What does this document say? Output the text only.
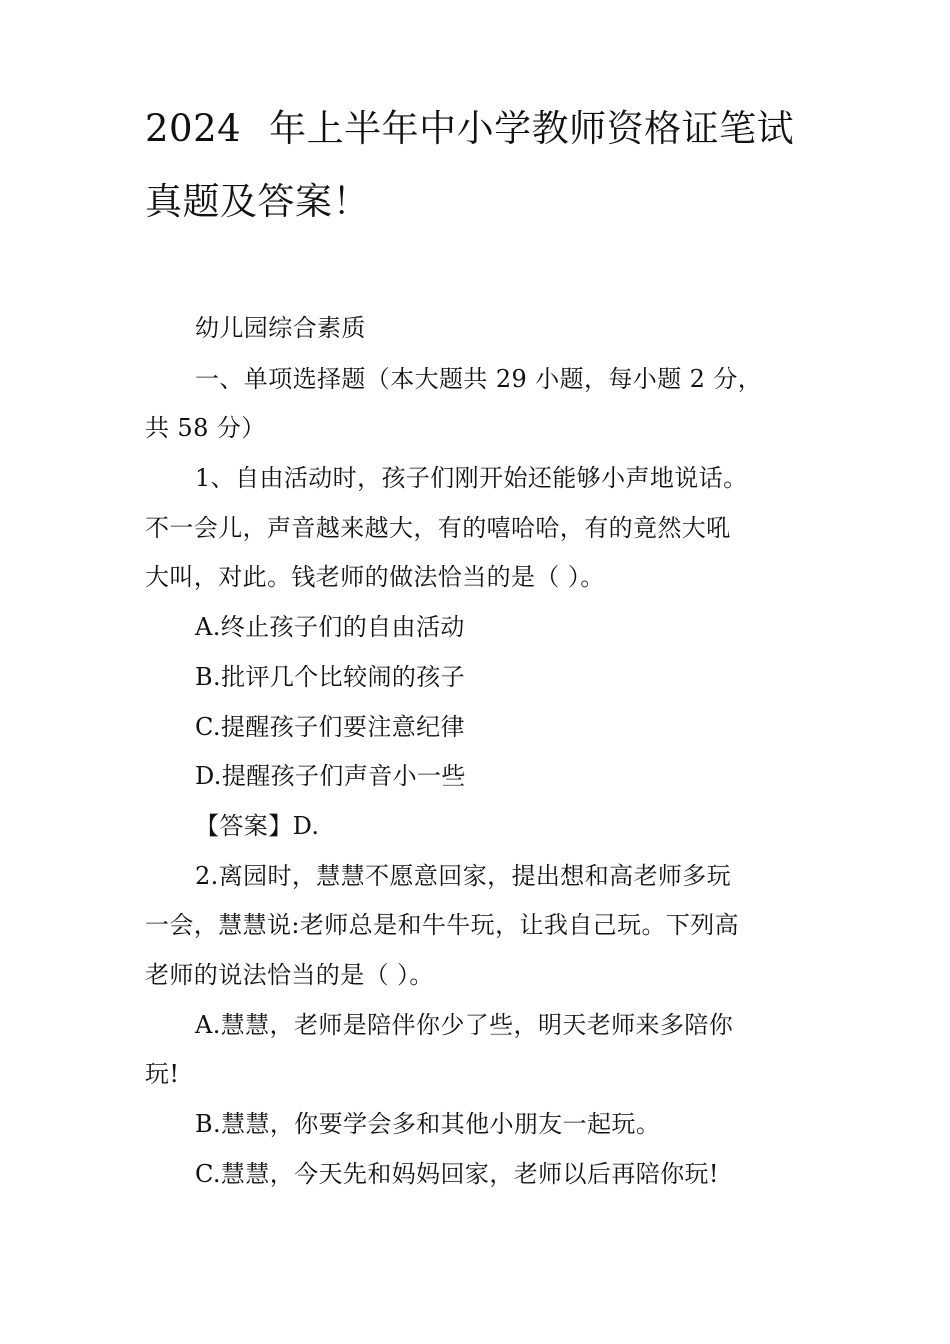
2024 年上半年中小学教师资格证笔试
真题及答案！
幼儿园综合素质
一、单项选择题（本大题共 29 小题，每小题 2 分，
共 58 分）
1、自由活动时，孩子们刚开始还能够小声地说话。
不一会儿，声音越来越大，有的嘻哈哈，有的竟然大吼
大叫，对此。钱老师的做法恰当的是（ ）。
A.终止孩子们的自由活动
B.批评几个比较闹的孩子
C.提醒孩子们要注意纪律
D.提醒孩子们声音小一些
【答案】D.
2.离园时，慧慧不愿意回家，提出想和高老师多玩
一会，慧慧说:老师总是和牛牛玩，让我自己玩。下列高
老师的说法恰当的是（ ）。
A.慧慧，老师是陪伴你少了些，明天老师来多陪你
玩!
B.慧慧，你要学会多和其他小朋友一起玩。
C.慧慧，今天先和妈妈回家，老师以后再陪你玩!
